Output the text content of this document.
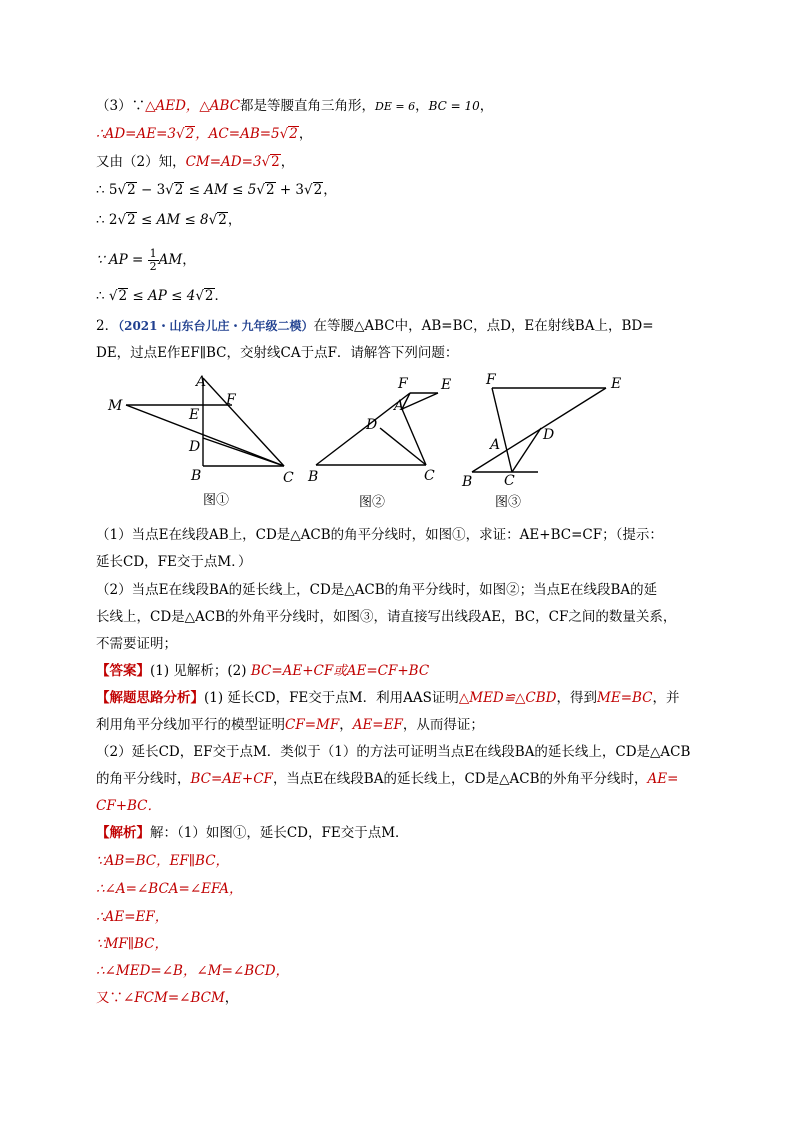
（3）∵△AED，△ABC都是等腰直角三角形，DE = 6，BC = 10，
∴AD=AE=3√2，AC=AB=5√2，
又由（2）知，CM=AD=3√2，
∴ 5√2 − 3√2 ≤ AM ≤ 5√2 + 3√2，
∴ 2√2 ≤ AM ≤ 8√2，
∵ AP = $\frac{1}{2}$ AM，
∴ √2 ≤ AP ≤ 4√2．
2．（2021・山东台儿庄・九年级二模）在等腰△ABC中，AB=BC，点D，E在射线BA上，BD=
DE，过点E作EF∥BC，交射线CA于点F．请解答下列问题：
A
F
M
E
D
B	C
图①
F E
A
D
B	C
图②
F	E
D
A
B C
图③
（1）当点E在线段AB上，CD是△ACB的角平分线时，如图①，求证：AE+BC=CF；（提示：
延长CD，FE交于点M．）
（2）当点E在线段BA的延长线上，CD是△ACB的角平分线时，如图②；当点E在线段BA的延
长线上，CD是△ACB的外角平分线时，如图③，请直接写出线段AE，BC，CF之间的数量关系，
不需要证明；
【答案】(1) 见解析；(2) BC=AE+CF或AE=CF+BC
【解题思路分析】(1) 延长CD，FE交于点M．利用AAS证明△MED≌△CBD，得到ME=BC，并
利用角平分线加平行的模型证明CF=MF，AE=EF，从而得证；
（2）延长CD，EF交于点M．类似于（1）的方法可证明当点E在线段BA的延长线上，CD是△ACB
的角平分线时，BC=AE+CF，当点E在线段BA的延长线上，CD是△ACB的外角平分线时，AE=
CF+BC．
【解析】解：（1）如图①，延长CD，FE交于点M．
∵AB=BC，EF∥BC，
∴∠A=∠BCA=∠EFA，
∴AE=EF，
∵MF∥BC，
∴∠MED=∠B，∠M=∠BCD，
又∵∠FCM=∠BCM，
